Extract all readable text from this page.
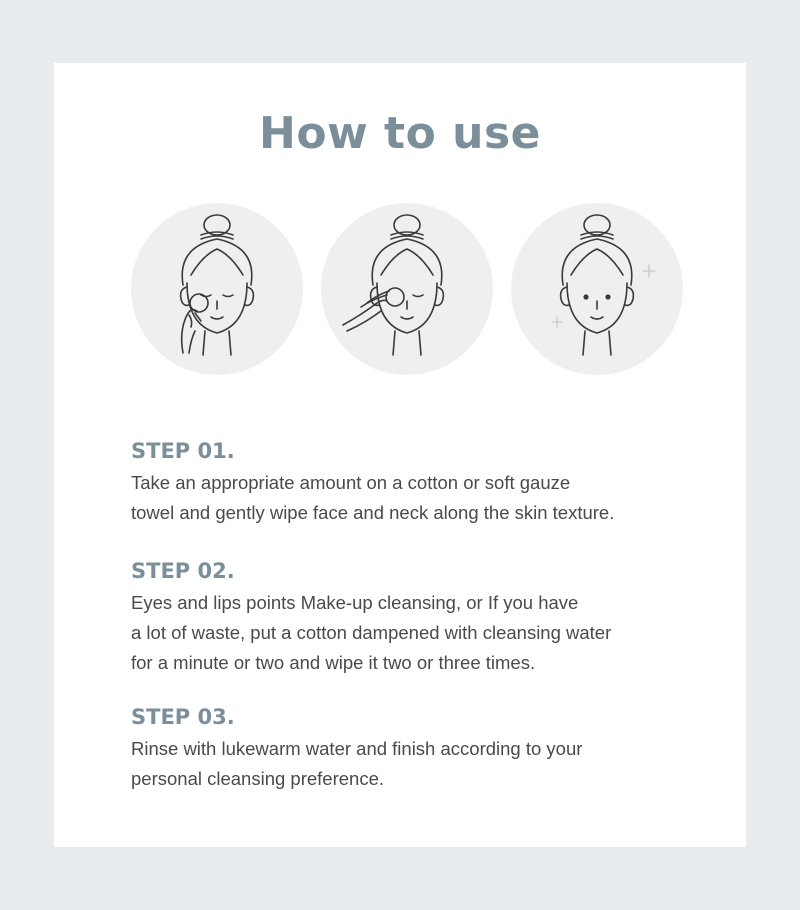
How to use
STEP 01.
Take an appropriate amount on a cotton or soft gauze
towel and gently wipe face and neck along the skin texture.
STEP 02.
Eyes and lips points Make-up cleansing, or If you have
a lot of waste, put a cotton dampened with cleansing water
for a minute or two and wipe it two or three times.
STEP 03.
Rinse with lukewarm water and finish according to your
personal cleansing preference.
